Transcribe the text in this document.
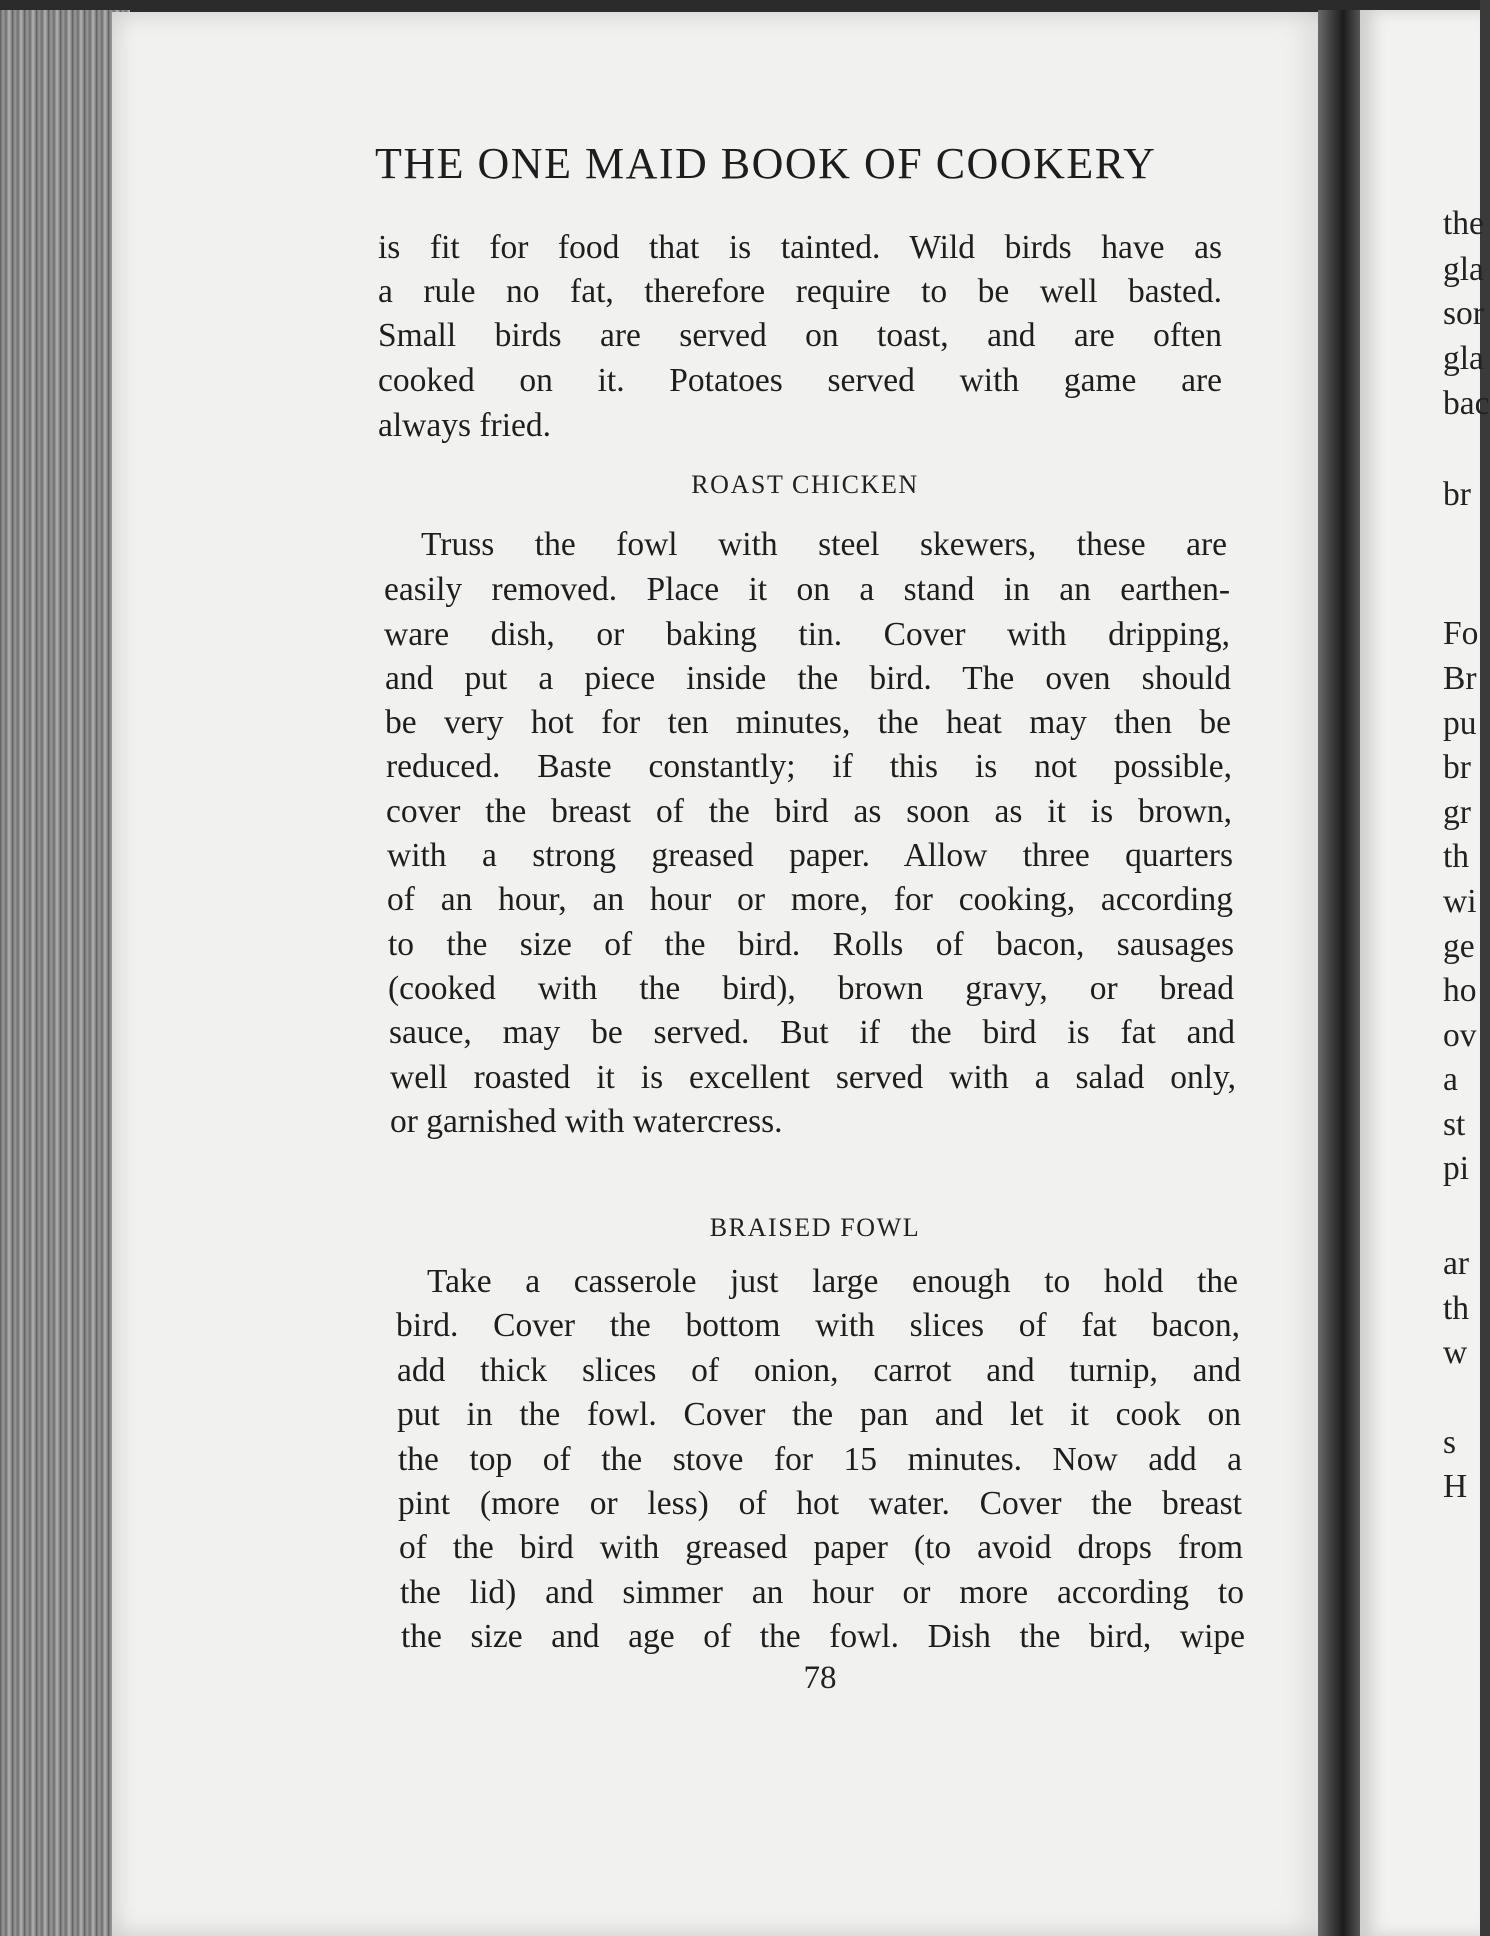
THE ONE MAID BOOK OF COOKERY
is fit for food that is tainted. Wild birds have as
a rule no fat, therefore require to be well basted.
Small birds are served on toast, and are often
cooked on it. Potatoes served with game are
always fried.
ROAST CHICKEN
Truss the fowl with steel skewers, these are
easily removed. Place it on a stand in an earthen-
ware dish, or baking tin. Cover with dripping,
and put a piece inside the bird. The oven should
be very hot for ten minutes, the heat may then be
reduced. Baste constantly; if this is not possible,
cover the breast of the bird as soon as it is brown,
with a strong greased paper. Allow three quarters
of an hour, an hour or more, for cooking, according
to the size of the bird. Rolls of bacon, sausages
(cooked with the bird), brown gravy, or bread
sauce, may be served. But if the bird is fat and
well roasted it is excellent served with a salad only,
or garnished with watercress.
BRAISED FOWL
Take a casserole just large enough to hold the
bird. Cover the bottom with slices of fat bacon,
add thick slices of onion, carrot and turnip, and
put in the fowl. Cover the pan and let it cook on
the top of the stove for 15 minutes. Now add a
pint (more or less) of hot water. Cover the breast
of the bird with greased paper (to avoid drops from
the lid) and simmer an hour or more according to
the size and age of the fowl. Dish the bird, wipe
78
the
gla
sor
gla
bac
br
Fo
Br
pu
br
gr
th
wi
ge
ho
ov
a
st
pi
ar
th
w
s
H
